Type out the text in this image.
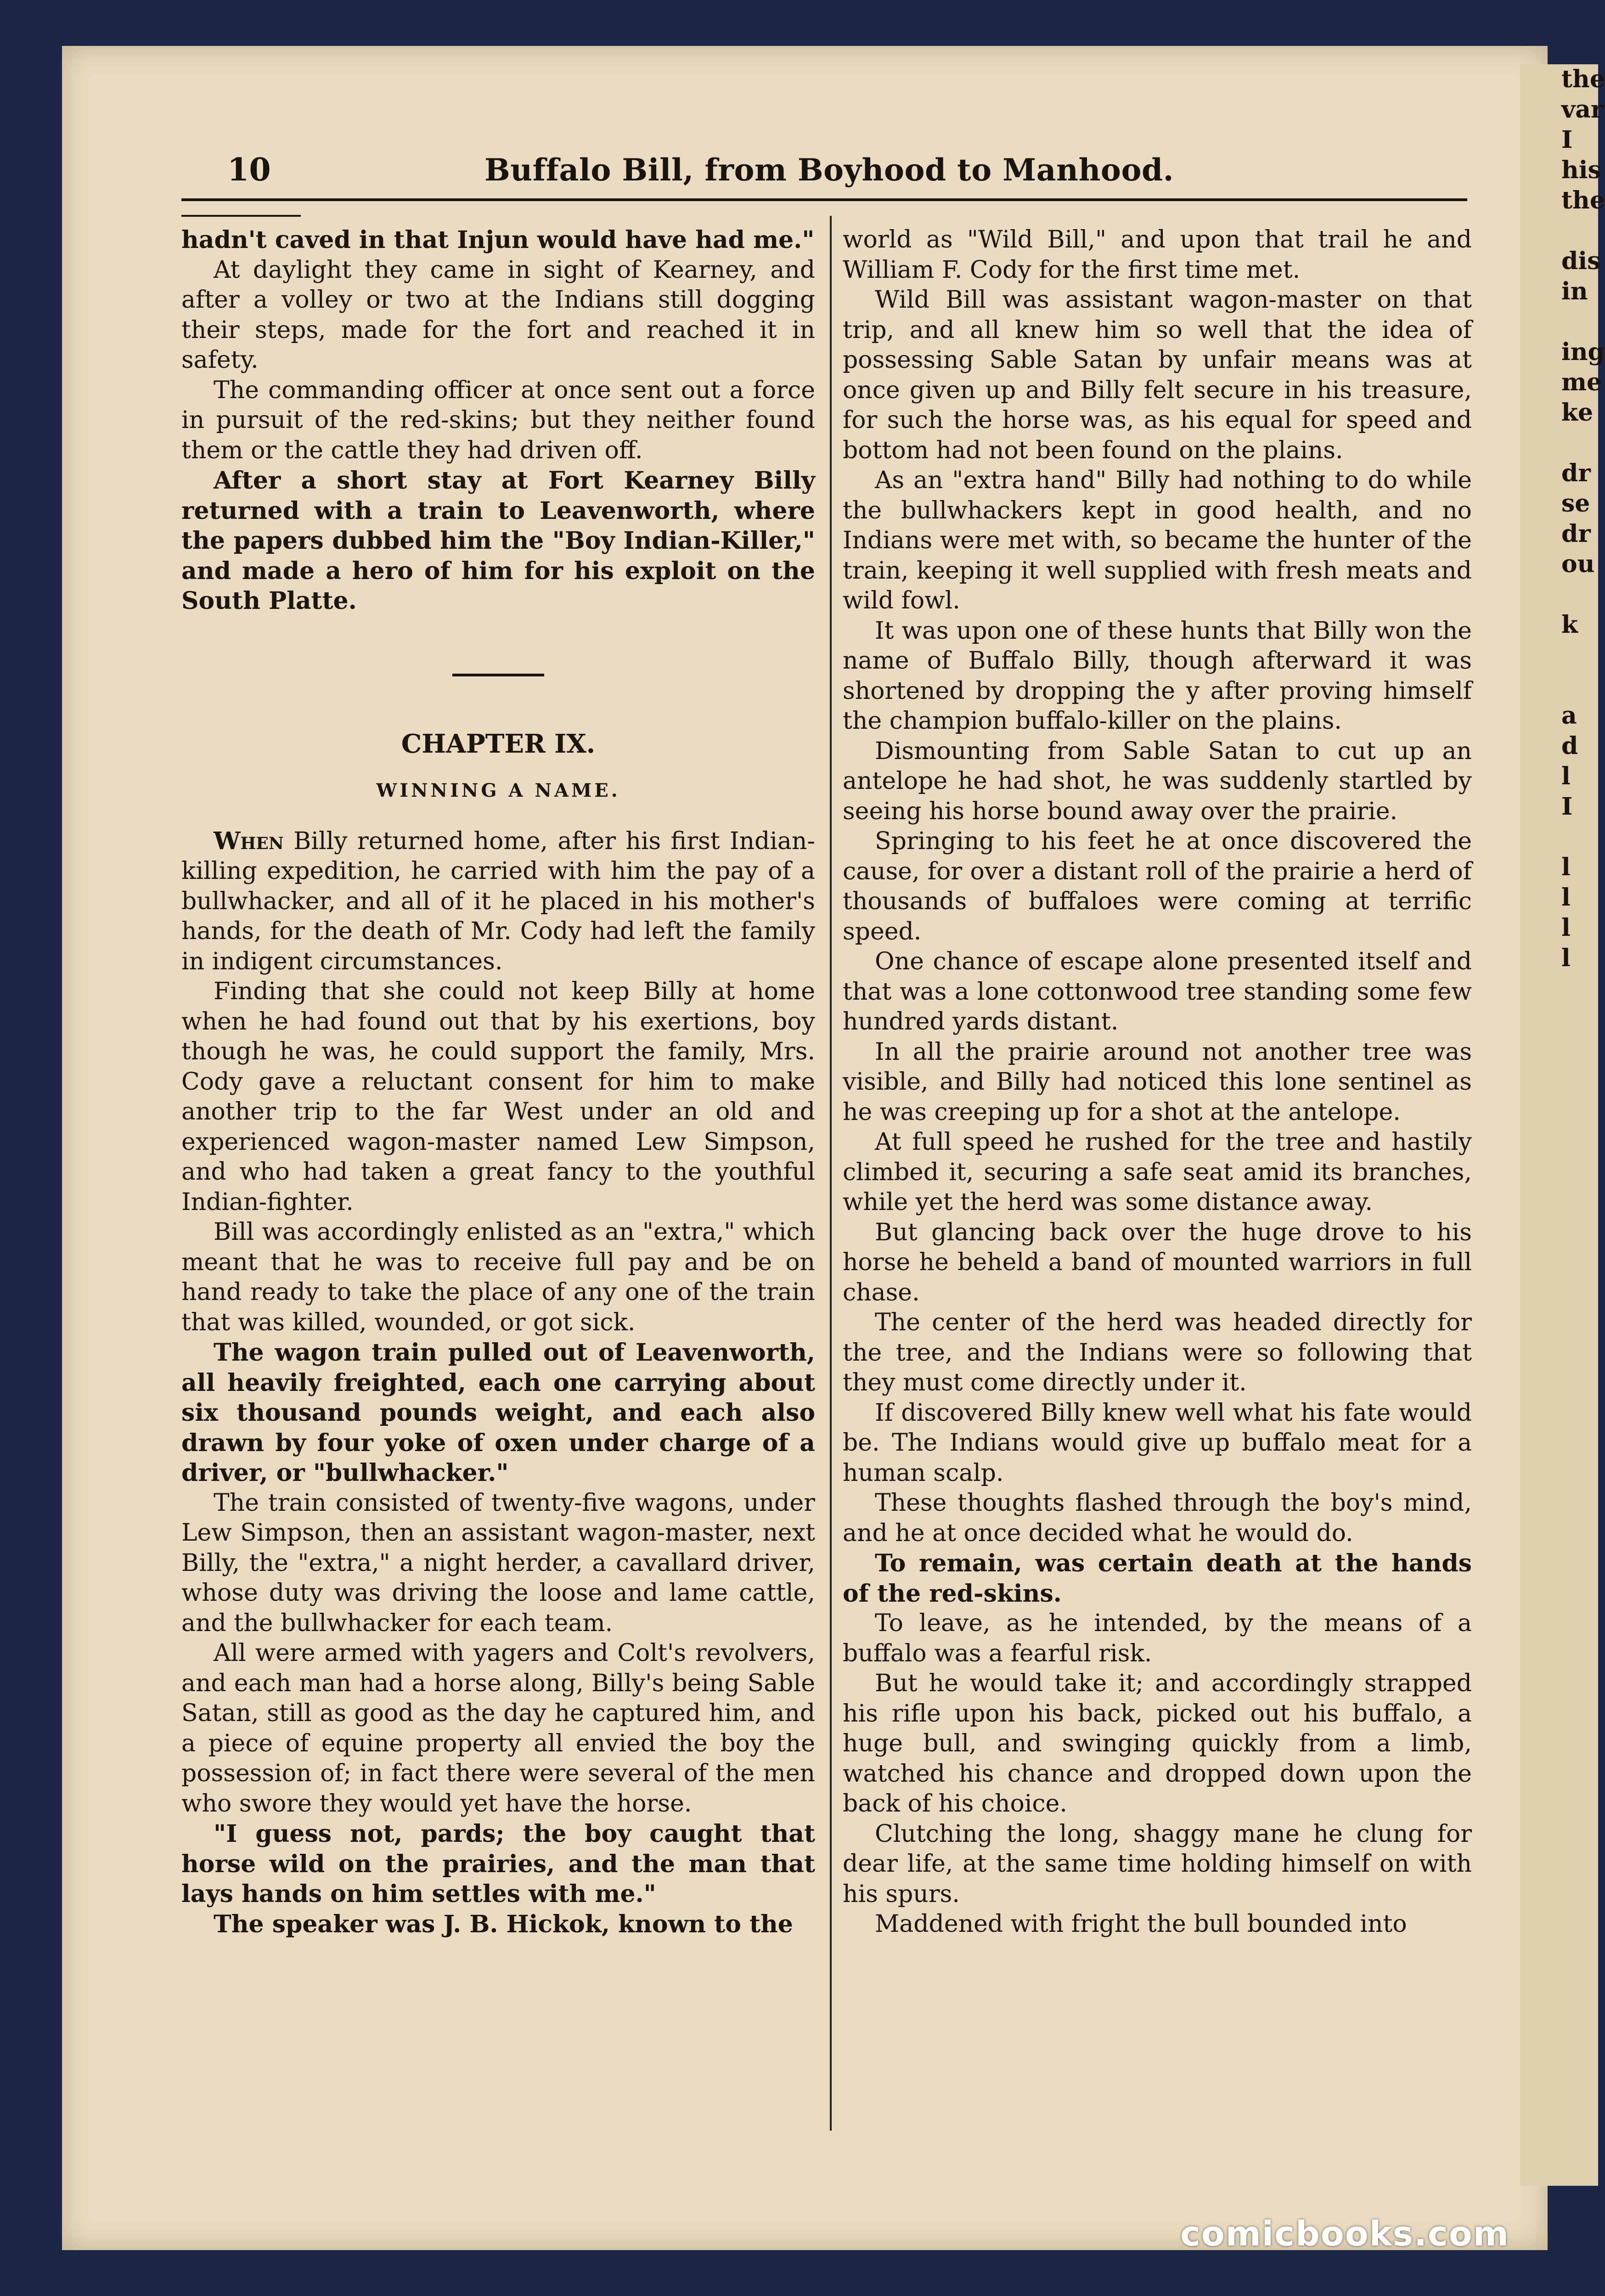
the
var
I
his
the

dis
in

ing
me
ke

dr
se
dr
ou

k

a
d
l
I

l
l
l
l
10	Buffalo Bill, from Boyhood to Manhood.

hadn't caved in that Injun would have had me."

At daylight they came in sight of Kearney, and after a volley or two at the Indians still dogging their steps, made for the fort and reached it in safety.

The commanding officer at once sent out a force in pursuit of the red-skins; but they neither found them or the cattle they had driven off.

After a short stay at Fort Kearney Billy returned with a train to Leavenworth, where the papers dubbed him the "Boy Indian-Killer," and made a hero of him for his exploit on the South Platte.

CHAPTER IX.
WINNING A NAME.

When Billy returned home, after his first Indian-killing expedition, he carried with him the pay of a bullwhacker, and all of it he placed in his mother's hands, for the death of Mr. Cody had left the family in indigent circumstances.

Finding that she could not keep Billy at home when he had found out that by his exertions, boy though he was, he could support the family, Mrs. Cody gave a reluctant consent for him to make another trip to the far West under an old and experienced wagon-master named Lew Simpson, and who had taken a great fancy to the youthful Indian-fighter.

Bill was accordingly enlisted as an "extra," which meant that he was to receive full pay and be on hand ready to take the place of any one of the train that was killed, wounded, or got sick.

The wagon train pulled out of Leavenworth, all heavily freighted, each one carrying about six thousand pounds weight, and each also drawn by four yoke of oxen under charge of a driver, or "bullwhacker."

The train consisted of twenty-five wagons, under Lew Simpson, then an assistant wagon-master, next Billy, the "extra," a night herder, a cavallard driver, whose duty was driving the loose and lame cattle, and the bullwhacker for each team.

All were armed with yagers and Colt's revolvers, and each man had a horse along, Billy's being Sable Satan, still as good as the day he captured him, and a piece of equine property all envied the boy the possession of; in fact there were several of the men who swore they would yet have the horse.

"I guess not, pards; the boy caught that horse wild on the prairies, and the man that lays hands on him settles with me."

The speaker was J. B. Hickok, known to the

world as "Wild Bill," and upon that trail he and William F. Cody for the first time met.

Wild Bill was assistant wagon-master on that trip, and all knew him so well that the idea of possessing Sable Satan by unfair means was at once given up and Billy felt secure in his treasure, for such the horse was, as his equal for speed and bottom had not been found on the plains.

As an "extra hand" Billy had nothing to do while the bullwhackers kept in good health, and no Indians were met with, so became the hunter of the train, keeping it well supplied with fresh meats and wild fowl.

It was upon one of these hunts that Billy won the name of Buffalo Billy, though afterward it was shortened by dropping the y after proving himself the champion buffalo-killer on the plains.

Dismounting from Sable Satan to cut up an antelope he had shot, he was suddenly startled by seeing his horse bound away over the prairie.

Springing to his feet he at once discovered the cause, for over a distant roll of the prairie a herd of thousands of buffaloes were coming at terrific speed.

One chance of escape alone presented itself and that was a lone cottonwood tree standing some few hundred yards distant.

In all the prairie around not another tree was visible, and Billy had noticed this lone sentinel as he was creeping up for a shot at the antelope.

At full speed he rushed for the tree and hastily climbed it, securing a safe seat amid its branches, while yet the herd was some distance away.

But glancing back over the huge drove to his horse he beheld a band of mounted warriors in full chase.

The center of the herd was headed directly for the tree, and the Indians were so following that they must come directly under it.

If discovered Billy knew well what his fate would be. The Indians would give up buffalo meat for a human scalp.

These thoughts flashed through the boy's mind, and he at once decided what he would do.

To remain, was certain death at the hands of the red-skins.

To leave, as he intended, by the means of a buffalo was a fearful risk.

But he would take it; and accordingly strapped his rifle upon his back, picked out his buffalo, a huge bull, and swinging quickly from a limb, watched his chance and dropped down upon the back of his choice.

Clutching the long, shaggy mane he clung for dear life, at the same time holding himself on with his spurs.

Maddened with fright the bull bounded into

comicbooks.com
